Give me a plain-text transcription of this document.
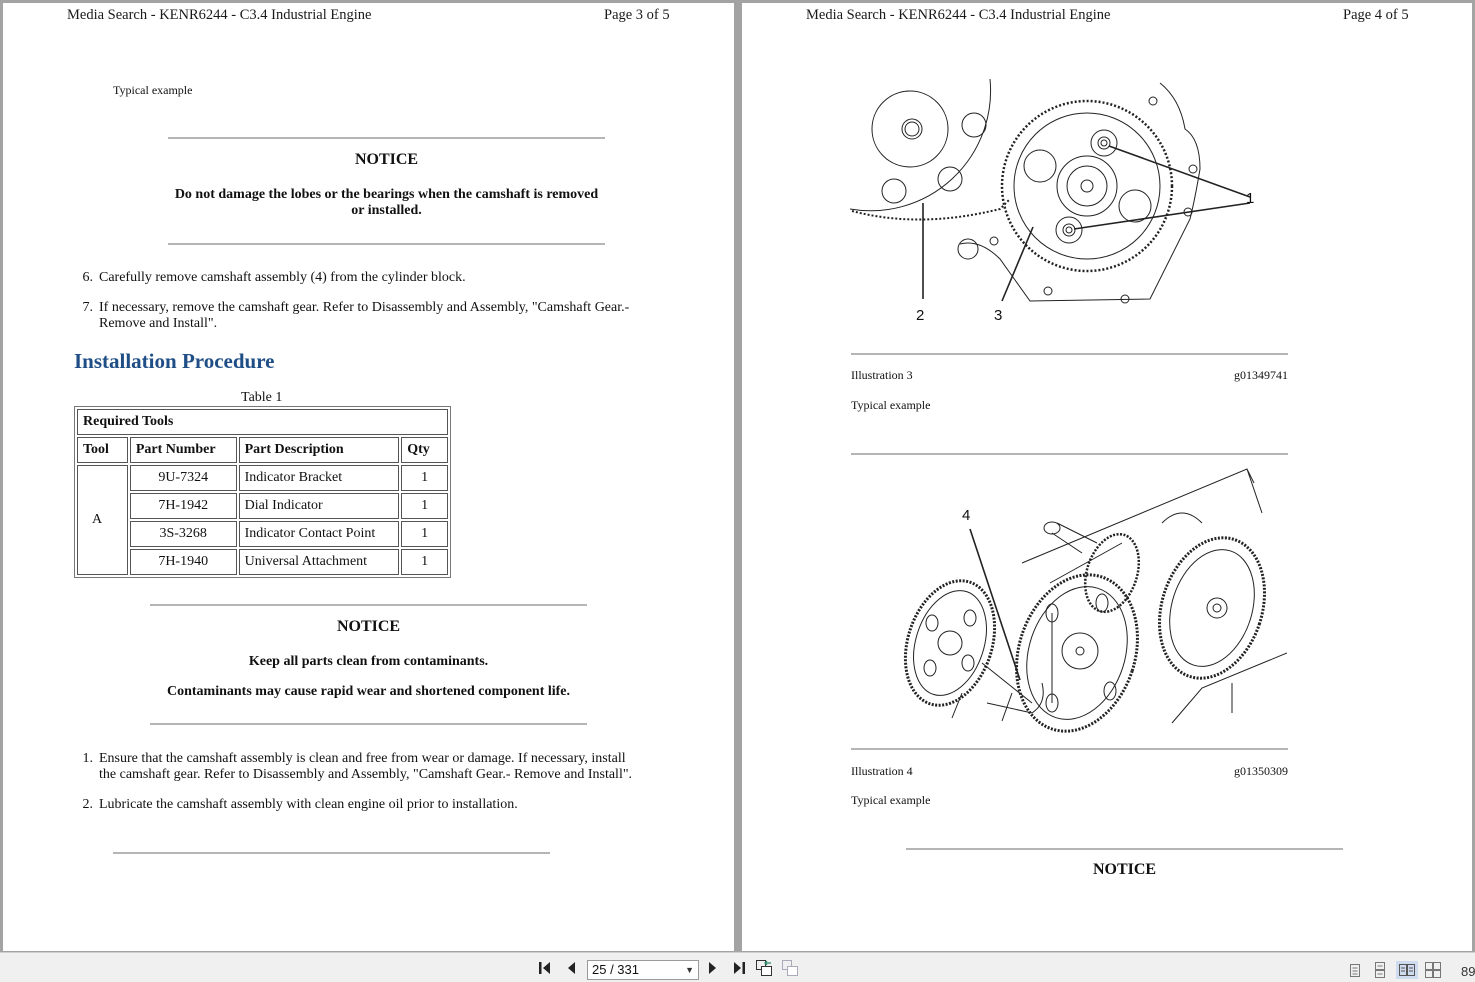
Media Search - KENR6244 - C3.4 Industrial Engine	Page 3 of 5
Typical example
NOTICE
Do not damage the lobes or the bearings when the camshaft is removed
or installed.
6. Carefully remove camshaft assembly (4) from the cylinder block.
7. If necessary, remove the camshaft gear. Refer to Disassembly and Assembly, "Camshaft Gear.-
Remove and Install".
Installation Procedure
Table 1
Required Tools			
Tool	Part Number	Part Description	Qty
A	9U-7324	Indicator Bracket	1
	7H-1942	Dial Indicator	1
	3S-3268	Indicator Contact Point	1
	7H-1940	Universal Attachment	1
NOTICE
Keep all parts clean from contaminants.
Contaminants may cause rapid wear and shortened component life.
1. Ensure that the camshaft assembly is clean and free from wear or damage. If necessary, install
the camshaft gear. Refer to Disassembly and Assembly, "Camshaft Gear.- Remove and Install".
2. Lubricate the camshaft assembly with clean engine oil prior to installation.
Media Search - KENR6244 - C3.4 Industrial Engine	Page 4 of 5
1
2	3
Illustration 3	g01349741
Typical example
4
Illustration 4	g01350309
Typical example
NOTICE
25 / 331	▼	89
